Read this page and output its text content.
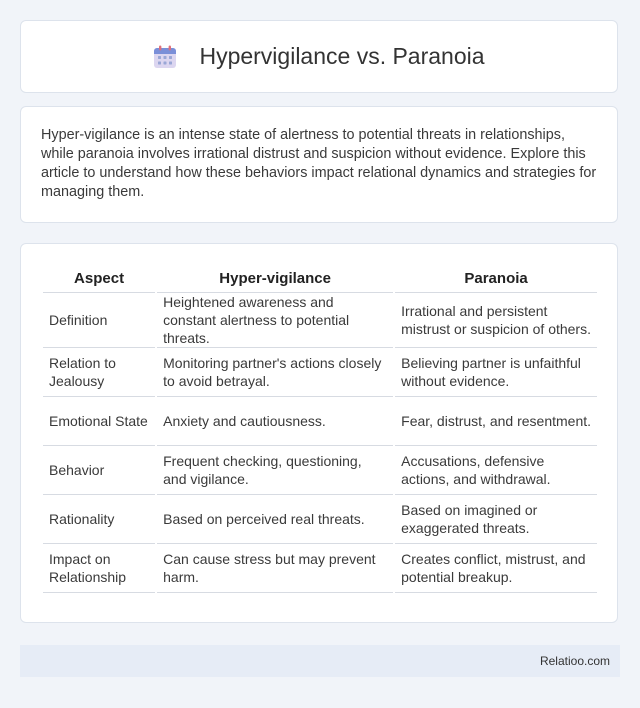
Hypervigilance vs. Paranoia

Hyper-vigilance is an intense state of alertness to potential threats in relationships, while paranoia involves irrational distrust and suspicion without evidence. Explore this article to understand how these behaviors impact relational dynamics and strategies for managing them.

Aspect	Hyper-vigilance	Paranoia
Definition	Heightened awareness and constant alertness to potential threats.	Irrational and persistent mistrust or suspicion of others.
Relation to Jealousy	Monitoring partner's actions closely to avoid betrayal.	Believing partner is unfaithful without evidence.
Emotional State	Anxiety and cautiousness.	Fear, distrust, and resentment.
Behavior	Frequent checking, questioning, and vigilance.	Accusations, defensive actions, and withdrawal.
Rationality	Based on perceived real threats.	Based on imagined or exaggerated threats.
Impact on Relationship	Can cause stress but may prevent harm.	Creates conflict, mistrust, and potential breakup.
Relatioo.com
